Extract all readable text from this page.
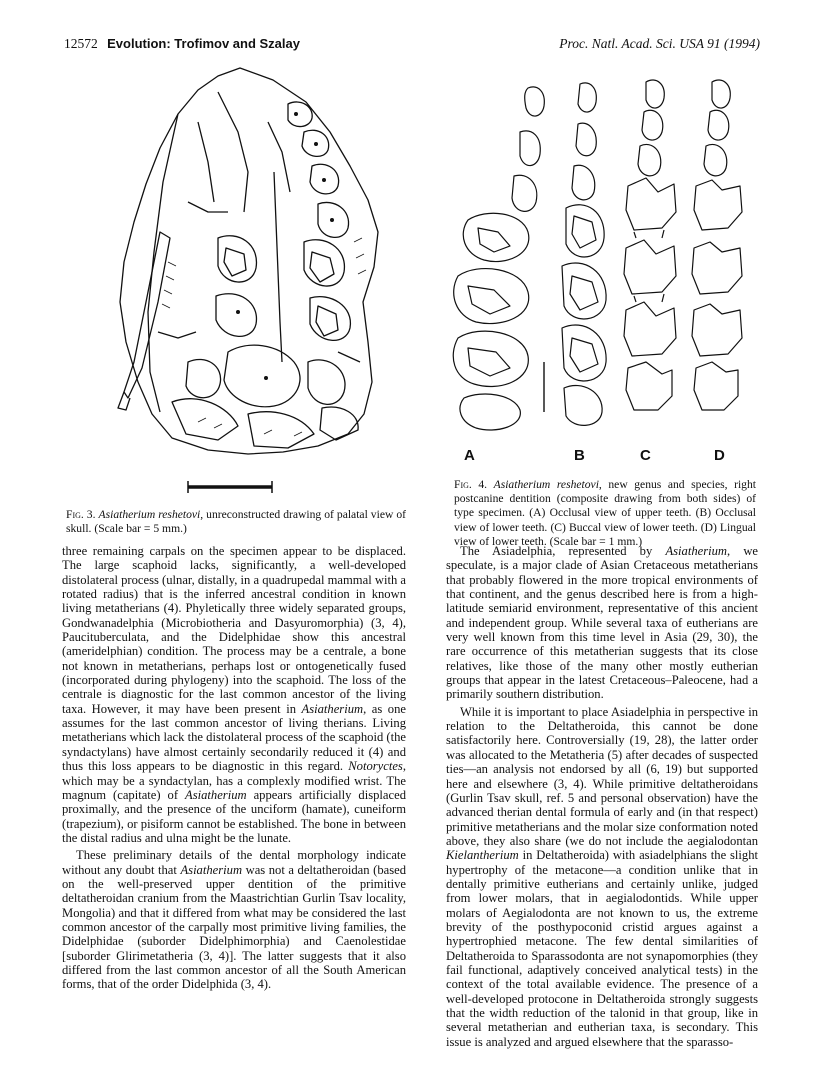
12572 Evolution: Trofimov and Szalay	Proc. Natl. Acad. Sci. USA 91 (1994)
A	B	C	D
Fig. 3. Asiatherium reshetovi, unreconstructed drawing of palatal view of skull. (Scale bar = 5 mm.)
Fig. 4. Asiatherium reshetovi, new genus and species, right postcanine dentition (composite drawing from both sides) of type specimen. (A) Occlusal view of upper teeth. (B) Occlusal view of lower teeth. (C) Buccal view of lower teeth. (D) Lingual view of lower teeth. (Scale bar = 1 mm.)

three remaining carpals on the specimen appear to be displaced. The large scaphoid lacks, significantly, a well-developed distolateral process (ulnar, distally, in a quadrupedal mammal with a rotated radius) that is the inferred ancestral condition in known living metatherians (4). Phyletically three widely separated groups, Gondwanadelphia (Microbiotheria and Dasyuromorphia) (3, 4), Paucituberculata, and the Didelphidae show this ancestral (ameridelphian) condition. The process may be a centrale, a bone not known in metatherians, perhaps lost or ontogenetically fused (incorporated during phylogeny) into the scaphoid. The loss of the centrale is diagnostic for the last common ancestor of the living taxa. However, it may have been present in Asiatherium, as one assumes for the last common ancestor of living therians. Living metatherians which lack the distolateral process of the scaphoid (the syndactylans) have almost certainly secondarily reduced it (4) and thus this loss appears to be diagnostic in this regard. Notoryctes, which may be a syndactylan, has a complexly modified wrist. The magnum (capitate) of Asiatherium appears artificially displaced proximally, and the presence of the unciform (hamate), cuneiform (trapezium), or pisiform cannot be established. The bone in between the distal radius and ulna might be the lunate.

These preliminary details of the dental morphology indicate without any doubt that Asiatherium was not a deltatheroidan (based on the well-preserved upper dentition of the primitive deltatheroidan cranium from the Maastrichtian Gurlin Tsav locality, Mongolia) and that it differed from what may be considered the last common ancestor of the carpally most primitive living families, the Didelphidae (suborder Didelphimorphia) and Caenolestidae [suborder Glirimetatheria (3, 4)]. The latter suggests that it also differed from the last common ancestor of all the South American forms, that of the order Didelphida (3, 4).

The Asiadelphia, represented by Asiatherium, we speculate, is a major clade of Asian Cretaceous metatherians that probably flowered in the more tropical environments of that continent, and the genus described here is from a high-latitude semiarid environment, representative of this ancient and independent group. While several taxa of eutherians are very well known from this time level in Asia (29, 30), the rare occurrence of this metatherian suggests that its close relatives, like those of the many other mostly eutherian groups that appear in the latest Cretaceous–Paleocene, had a primarily southern distribution.

While it is important to place Asiadelphia in perspective in relation to the Deltatheroida, this cannot be done satisfactorily here. Controversially (19, 28), the latter order was allocated to the Metatheria (5) after decades of suspected ties—an analysis not endorsed by all (6, 19) but supported here and elsewhere (3, 4). While primitive deltatheroidans (Gurlin Tsav skull, ref. 5 and personal observation) have the advanced therian dental formula of early and (in that respect) primitive metatherians and the molar size conformation noted above, they also share (we do not include the aegialodontan Kielantherium in Deltatheroida) with asiadelphians the slight hypertrophy of the metacone—a condition unlike that in dentally primitive eutherians and certainly unlike, judged from lower molars, that in aegialodontids. While upper molars of Aegialodonta are not known to us, the extreme brevity of the posthypoconid cristid argues against a hypertrophied metacone. The few dental similarities of Deltatheroida to Sparassodonta are not synapomorphies (they fail functional, adaptively conceived analytical tests) in the context of the total available evidence. The presence of a well-developed protocone in Deltatheroida strongly suggests that the width reduction of the talonid in that group, like in several metatherian and eutherian taxa, is secondary. This issue is analyzed and argued elsewhere that the sparasso-
